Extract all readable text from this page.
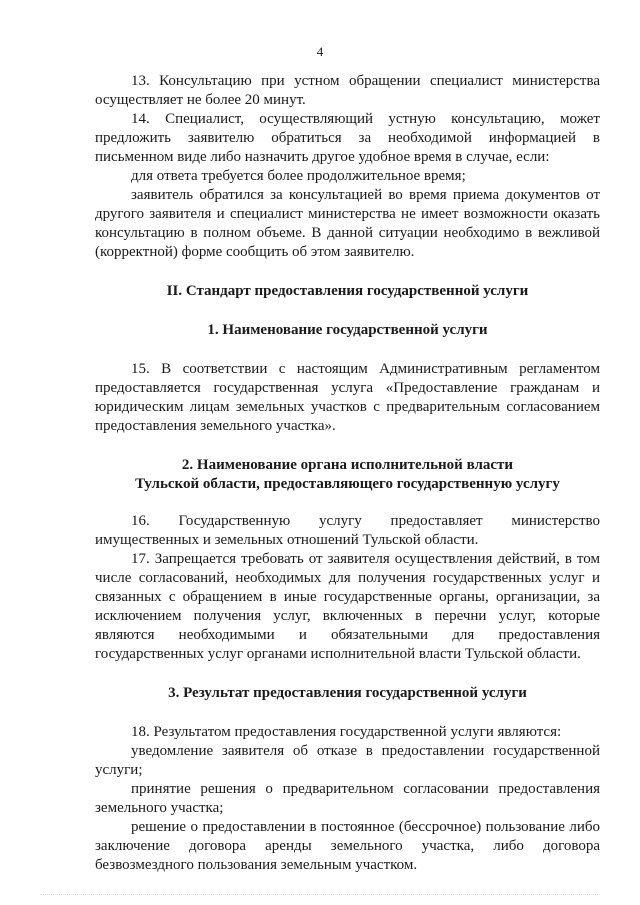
4

13. Консультацию при устном обращении специалист министерства осуществляет не более 20 минут.

14. Специалист, осуществляющий устную консультацию, может предложить заявителю обратиться за необходимой информацией в письменном виде либо назначить другое удобное время в случае, если:

для ответа требуется более продолжительное время;

заявитель обратился за консультацией во время приема документов от другого заявителя и специалист министерства не имеет возможности оказать консультацию в полном объеме. В данной ситуации необходимо в вежливой (корректной) форме сообщить об этом заявителю.

II. Стандарт предоставления государственной услуги
1. Наименование государственной услуги

15. В соответствии с настоящим Административным регламентом предоставляется государственная услуга «Предоставление гражданам и юридическим лицам земельных участков с предварительным согласованием предоставления земельного участка».

2. Наименование органа исполнительной власти
Тульской области, предоставляющего государственную услугу

16. Государственную услугу предоставляет министерство имущественных и земельных отношений Тульской области.

17. Запрещается требовать от заявителя осуществления действий, в том числе согласований, необходимых для получения государственных услуг и связанных с обращением в иные государственные органы, организации, за исключением получения услуг, включенных в перечни услуг, которые являются необходимыми и обязательными для предоставления государственных услуг органами исполнительной власти Тульской области.

3. Результат предоставления государственной услуги

18. Результатом предоставления государственной услуги являются:

уведомление заявителя об отказе в предоставлении государственной услуги;

принятие решения о предварительном согласовании предоставления земельного участка;

решение о предоставлении в постоянное (бессрочное) пользование либо заключение договора аренды земельного участка, либо договора безвозмездного пользования земельным участком.
